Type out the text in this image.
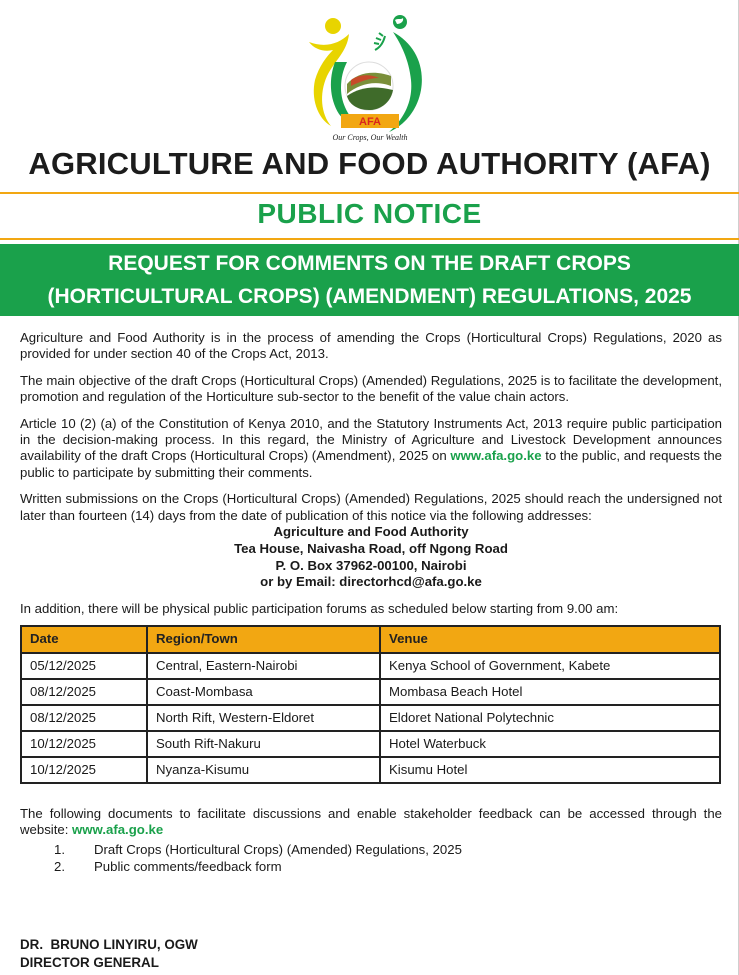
AFA
Our Crops, Our Wealth
AGRICULTURE AND FOOD AUTHORITY (AFA)
PUBLIC NOTICE
REQUEST FOR COMMENTS ON THE DRAFT CROPS
(HORTICULTURAL CROPS) (AMENDMENT) REGULATIONS, 2025

Agriculture and Food Authority is in the process of amending the Crops (Horticultural Crops) Regulations, 2020 as provided for under section 40 of the Crops Act, 2013.

The main objective of the draft Crops (Horticultural Crops) (Amended) Regulations, 2025 is to facilitate the development, promotion and regulation of the Horticulture sub-sector to the benefit of the value chain actors.

Article 10 (2) (a) of the Constitution of Kenya 2010, and the Statutory Instruments Act, 2013 require public participation in the decision-making process. In this regard, the Ministry of Agriculture and Livestock Development announces availability of the draft Crops (Horticultural Crops) (Amendment), 2025 on www.afa.go.ke to the public, and requests the public to participate by submitting their comments.

Written submissions on the Crops (Horticultural Crops) (Amended) Regulations, 2025 should reach the undersigned not later than fourteen (14) days from the date of publication of this notice via the following addresses:

Agriculture and Food Authority
Tea House, Naivasha Road, off Ngong Road
P. O. Box 37962-00100, Nairobi
or by Email: directorhcd@afa.go.ke

In addition, there will be physical public participation forums as scheduled below starting from 9.00 am:

Date	Region/Town	Venue
05/12/2025	Central, Eastern-Nairobi	Kenya School of Government, Kabete
08/12/2025	Coast-Mombasa	Mombasa Beach Hotel
08/12/2025	North Rift, Western-Eldoret	Eldoret National Polytechnic
10/12/2025	South Rift-Nakuru	Hotel Waterbuck
10/12/2025	Nyanza-Kisumu	Kisumu Hotel

The following documents to facilitate discussions and enable stakeholder feedback can be accessed through the website: www.afa.go.ke

1.	Draft Crops (Horticultural Crops) (Amended) Regulations, 2025
2.	Public comments/feedback form
DR.  BRUNO LINYIRU, OGW
DIRECTOR GENERAL
